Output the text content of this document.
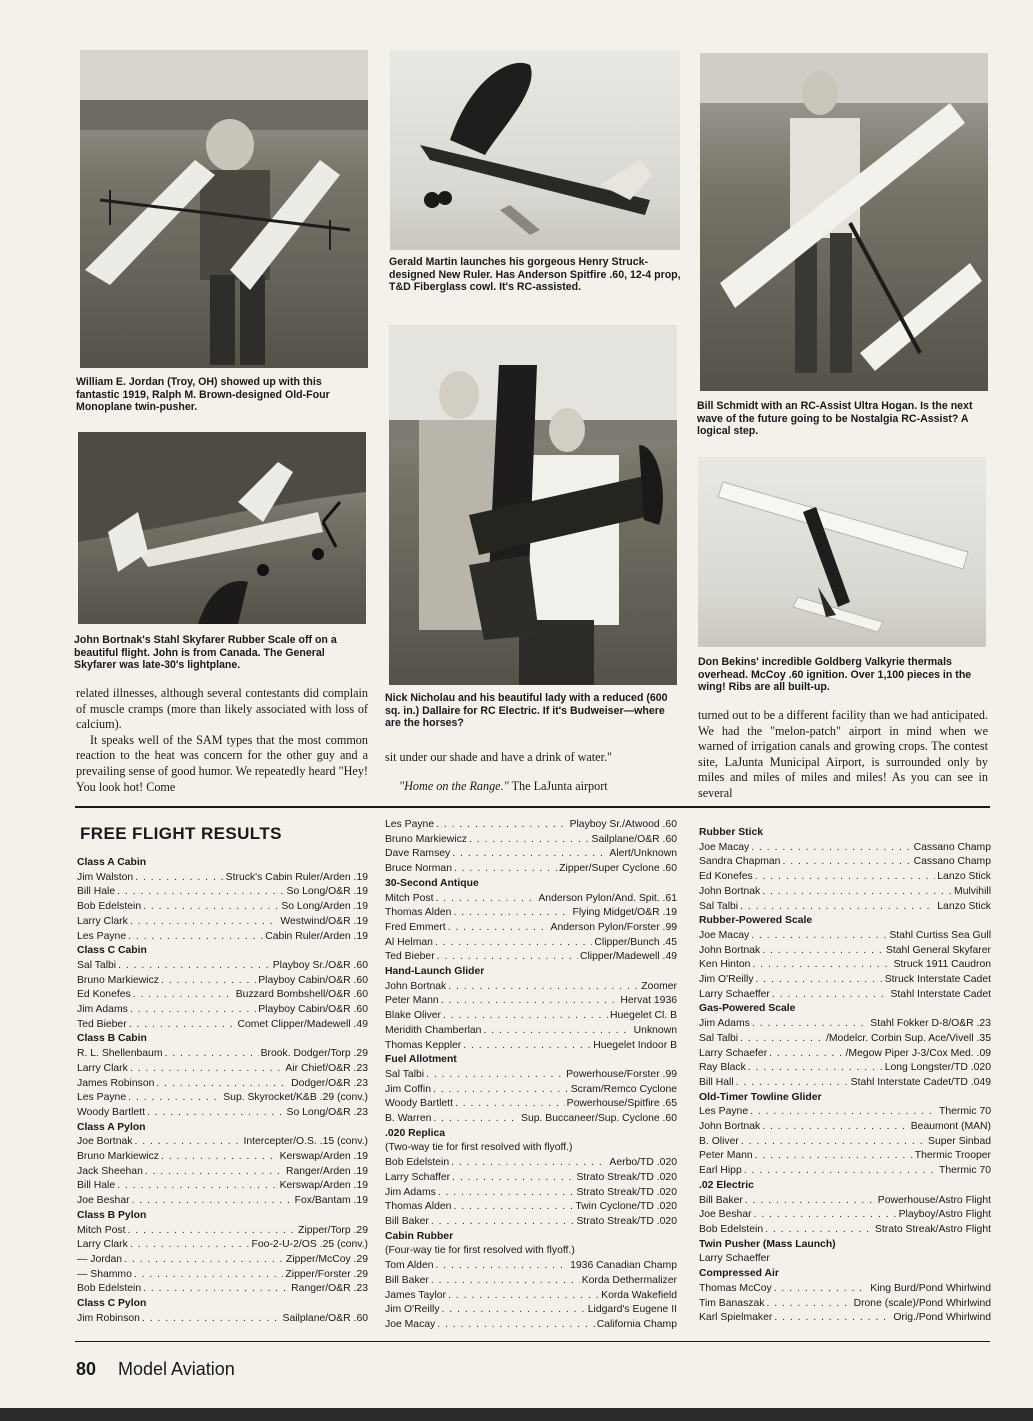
William E. Jordan (Troy, OH) showed up with this fantastic 1919, Ralph M. Brown-designed Old-Four Monoplane twin-pusher.
Gerald Martin launches his gorgeous Henry Struck-designed New Ruler. Has Anderson Spitfire .60, 12-4 prop, T&D Fiberglass cowl. It's RC-assisted.
Bill Schmidt with an RC-Assist Ultra Hogan. Is the next wave of the future going to be Nostalgia RC-Assist? A logical step.
John Bortnak's Stahl Skyfarer Rubber Scale off on a beautiful flight. John is from Canada. The General Skyfarer was late-30's lightplane.
Nick Nicholau and his beautiful lady with a reduced (600 sq. in.) Dallaire for RC Electric. If it's Budweiser—where are the horses?
Don Bekins' incredible Goldberg Valkyrie thermals overhead. McCoy .60 ignition. Over 1,100 pieces in the wing! Ribs are all built-up.

related illnesses, although several contestants did complain of muscle cramps (more than likely associated with loss of calcium).

It speaks well of the SAM types that the most common reaction to the heat was concern for the other guy and a prevailing sense of good humor. We repeatedly heard "Hey! You look hot! Come

sit under our shade and have a drink of water."

"Home on the Range." The LaJunta airport

turned out to be a different facility than we had anticipated. We had the "melon-patch" airport in mind when we warned of irrigation canals and growing crops. The contest site, LaJunta Municipal Airport, is surrounded only by miles and miles of miles and miles! As you can see in several

FREE FLIGHT RESULTS
Class A Cabin
Jim Walston . . .	Struck's Cabin Ruler/Arden .19
Bill Hale . . .	So Long/O&R .19
Bob Edelstein . . .	So Long/Arden .19
Larry Clark . . .	Westwind/O&R .19
Les Payne . . .	Cabin Ruler/Arden .19
Class C Cabin
Sal Talbi . . .	Playboy Sr./O&R .60
Bruno Markiewicz . . .	Playboy Cabin/O&R .60
Ed Konefes . . .	Buzzard Bombshell/O&R .60
Jim Adams . . .	Playboy Cabin/O&R .60
Ted Bieber . . .	Comet Clipper/Madewell .49
Class B Cabin
R. L. Shellenbaum . . .	Brook. Dodger/Torp .29
Larry Clark . . .	Air Chief/O&R .23
James Robinson . . .	Dodger/O&R .23
Les Payne . . .	Sup. Skyrocket/K&B .29 (conv.)
Woody Bartlett . . .	So Long/O&R .23
Class A Pylon
Joe Bortnak . . .	Intercepter/O.S. .15 (conv.)
Bruno Markiewicz . . .	Kerswap/Arden .19
Jack Sheehan . . .	Ranger/Arden .19
Bill Hale . . .	Kerswap/Arden .19
Joe Beshar . . .	Fox/Bantam .19
Class B Pylon
Mitch Post . . .	Zipper/Torp .29
Larry Clark . . .	Foo-2-U-2/OS .25 (conv.)
— Jordan . . .	Zipper/McCoy .29
— Shammo . . .	Zipper/Forster .29
Bob Edelstein . . .	Ranger/O&R .23
Class C Pylon
Jim Robinson . . .	Sailplane/O&R .60
Les Payne . . .	Playboy Sr./Atwood .60
Bruno Markiewicz . . .	Sailplane/O&R .60
Dave Ramsey . . .	Alert/Unknown
Bruce Norman . . .	Zipper/Super Cyclone .60
30-Second Antique
Mitch Post . . .	Anderson Pylon/And. Spit. .61
Thomas Alden . . .	Flying Midget/O&R .19
Fred Emmert . . .	Anderson Pylon/Forster .99
Al Helman . . .	Clipper/Bunch .45
Ted Bieber . . .	Clipper/Madewell .49
Hand-Launch Glider
John Bortnak . . .	Zoomer
Peter Mann . . .	Hervat 1936
Blake Oliver . . .	Huegelet Cl. B
Meridith Chamberlan . . .	Unknown
Thomas Keppler . . .	Huegelet Indoor B
Fuel Allotment
Sal Talbi . . .	Powerhouse/Forster .99
Jim Coffin . . .	Scram/Remco Cyclone
Woody Bartlett . . .	Powerhouse/Spitfire .65
B. Warren . . .	Sup. Buccaneer/Sup. Cyclone .60
.020 Replica
(Two-way tie for first resolved with flyoff.)
Bob Edelstein . . .	Aerbo/TD .020
Larry Schaffer . . .	Strato Streak/TD .020
Jim Adams . . .	Strato Streak/TD .020
Thomas Alden . . .	Twin Cyclone/TD .020
Bill Baker . . .	Strato Streak/TD .020
Cabin Rubber
(Four-way tie for first resolved with flyoff.)
Tom Alden . . .	1936 Canadian Champ
Bill Baker . . .	Korda Dethermalizer
James Taylor . . .	Korda Wakefield
Jim O'Reilly . . .	Lidgard's Eugene II
Joe Macay . . .	California Champ
Rubber Stick
Joe Macay . . .	Cassano Champ
Sandra Chapman . . .	Cassano Champ
Ed Konefes . . .	Lanzo Stick
John Bortnak . . .	Mulvihill
Sal Talbi . . .	Lanzo Stick
Rubber-Powered Scale
Joe Macay . . .	Stahl Curtiss Sea Gull
John Bortnak . . .	Stahl General Skyfarer
Ken Hinton . . .	Struck 1911 Caudron
Jim O'Reilly . . .	Struck Interstate Cadet
Larry Schaeffer . . .	Stahl Interstate Cadet
Gas-Powered Scale
Jim Adams . . .	Stahl Fokker D-8/O&R .23
Sal Talbi . . .	/Modelcr. Corbin Sup. Ace/Vivell .35
Larry Schaefer . . .	/Megow Piper J-3/Cox Med. .09
Ray Black . . .	Long Longster/TD .020
Bill Hall . . .	Stahl Interstate Cadet/TD .049
Old-Timer Towline Glider
Les Payne . . .	Thermic 70
John Bortnak . . .	Beaumont (MAN)
B. Oliver . . .	Super Sinbad
Peter Mann . . .	Thermic Trooper
Earl Hipp . . .	Thermic 70
.02 Electric
Bill Baker . . .	Powerhouse/Astro Flight
Joe Beshar . . .	Playboy/Astro Flight
Bob Edelstein . . .	Strato Streak/Astro Flight
Twin Pusher (Mass Launch)
Larry Schaeffer
Compressed Air
Thomas McCoy . . .	King Burd/Pond Whirlwind
Tim Banaszak . . .	Drone (scale)/Pond Whirlwind
Karl Spielmaker . . .	Orig./Pond Whirlwind
80 Model Aviation
